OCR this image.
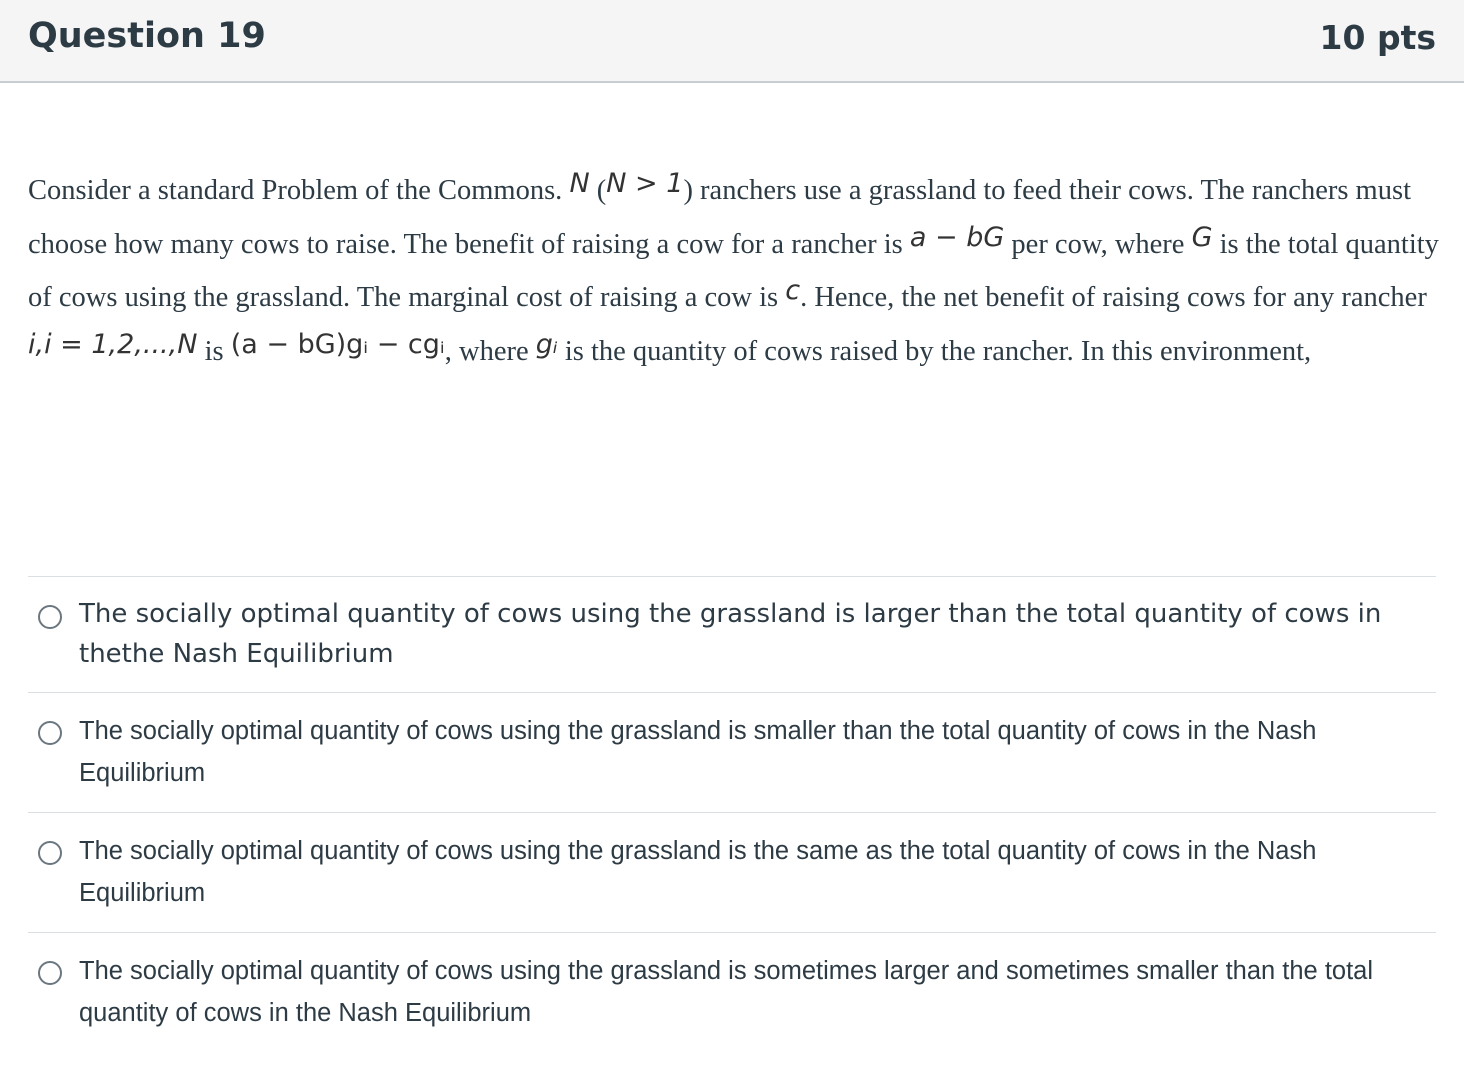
Question 19	10 pts
Consider a standard Problem of the Commons. N (N > 1) ranchers use a grassland to feed their cows. The ranchers must choose how many cows to raise. The benefit of raising a cow for a rancher is a − bG per cow, where G is the total quantity of cows using the grassland. The marginal cost of raising a cow is c. Hence, the net benefit of raising cows for any rancher i,i = 1,2,...,N is (a − bG)gᵢ − cgᵢ, where gᵢ is the quantity of cows raised by the rancher. In this environment,
The socially optimal quantity of cows using the grassland is larger than the total quantity of cows in thethe Nash Equilibrium
The socially optimal quantity of cows using the grassland is smaller than the total quantity of cows in the Nash Equilibrium
The socially optimal quantity of cows using the grassland is the same as the total quantity of cows in the Nash Equilibrium
The socially optimal quantity of cows using the grassland is sometimes larger and sometimes smaller than the total quantity of cows in the Nash Equilibrium
